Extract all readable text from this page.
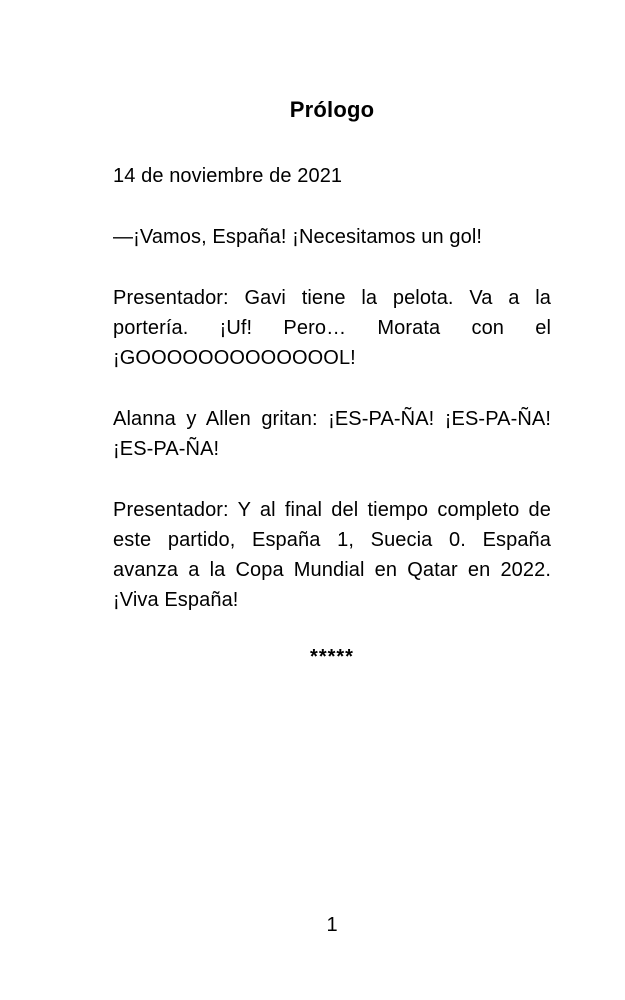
Prólogo

14 de noviembre de 2021

—¡Vamos, España! ¡Necesitamos un gol!

Presentador: Gavi tiene la pelota. Va a la portería. ¡Uf! Pero… Morata con el ¡GOOOOOOOOOOOOOL!

Alanna y Allen gritan: ¡ES-PA-ÑA! ¡ES-PA-ÑA! ¡ES-PA-ÑA!

Presentador: Y al final del tiempo completo de este partido, España 1, Suecia 0. España avanza a la Copa Mundial en Qatar en 2022. ¡Viva España!

*****

1
